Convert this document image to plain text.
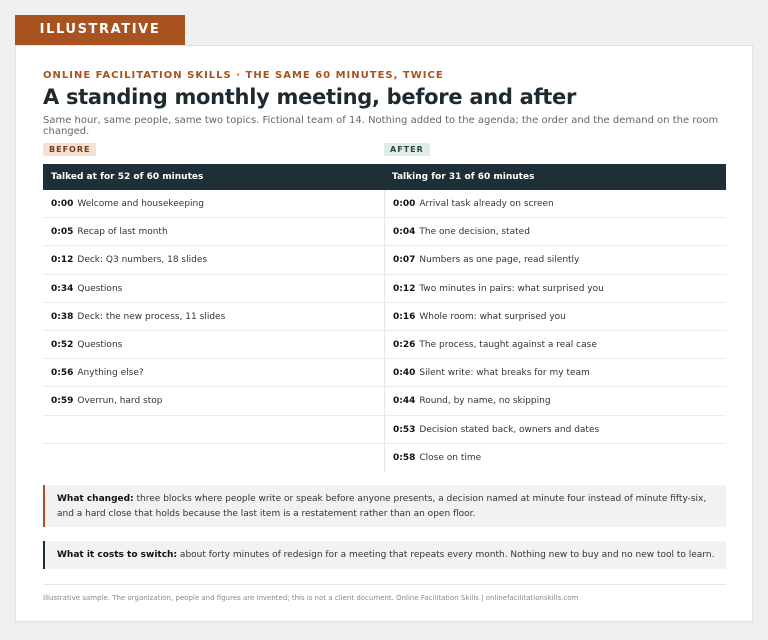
ILLUSTRATIVE
ONLINE FACILITATION SKILLS · THE SAME 60 MINUTES, TWICE
A standing monthly meeting, before and after
Same hour, same people, same two topics. Fictional team of 14. Nothing added to the agenda; the order and the demand on the room changed.
BEFORE	AFTER
Talked at for 52 of 60 minutes	Talking for 31 of 60 minutes
0:00 Welcome and housekeeping
0:05 Recap of last month
0:12 Deck: Q3 numbers, 18 slides
0:34 Questions
0:38 Deck: the new process, 11 slides
0:52 Questions
0:56 Anything else?
0:59 Overrun, hard stop
0:00 Arrival task already on screen
0:04 The one decision, stated
0:07 Numbers as one page, read silently
0:12 Two minutes in pairs: what surprised you
0:16 Whole room: what surprised you
0:26 The process, taught against a real case
0:40 Silent write: what breaks for my team
0:44 Round, by name, no skipping
0:53 Decision stated back, owners and dates
0:58 Close on time
What changed: three blocks where people write or speak before anyone presents, a decision named at minute four instead of minute fifty-six, and a hard close that holds because the last item is a restatement rather than an open floor.
What it costs to switch: about forty minutes of redesign for a meeting that repeats every month. Nothing new to buy and no new tool to learn.
Illustrative sample. The organization, people and figures are invented; this is not a client document. Online Facilitation Skills | onlinefacilitationskills.com
